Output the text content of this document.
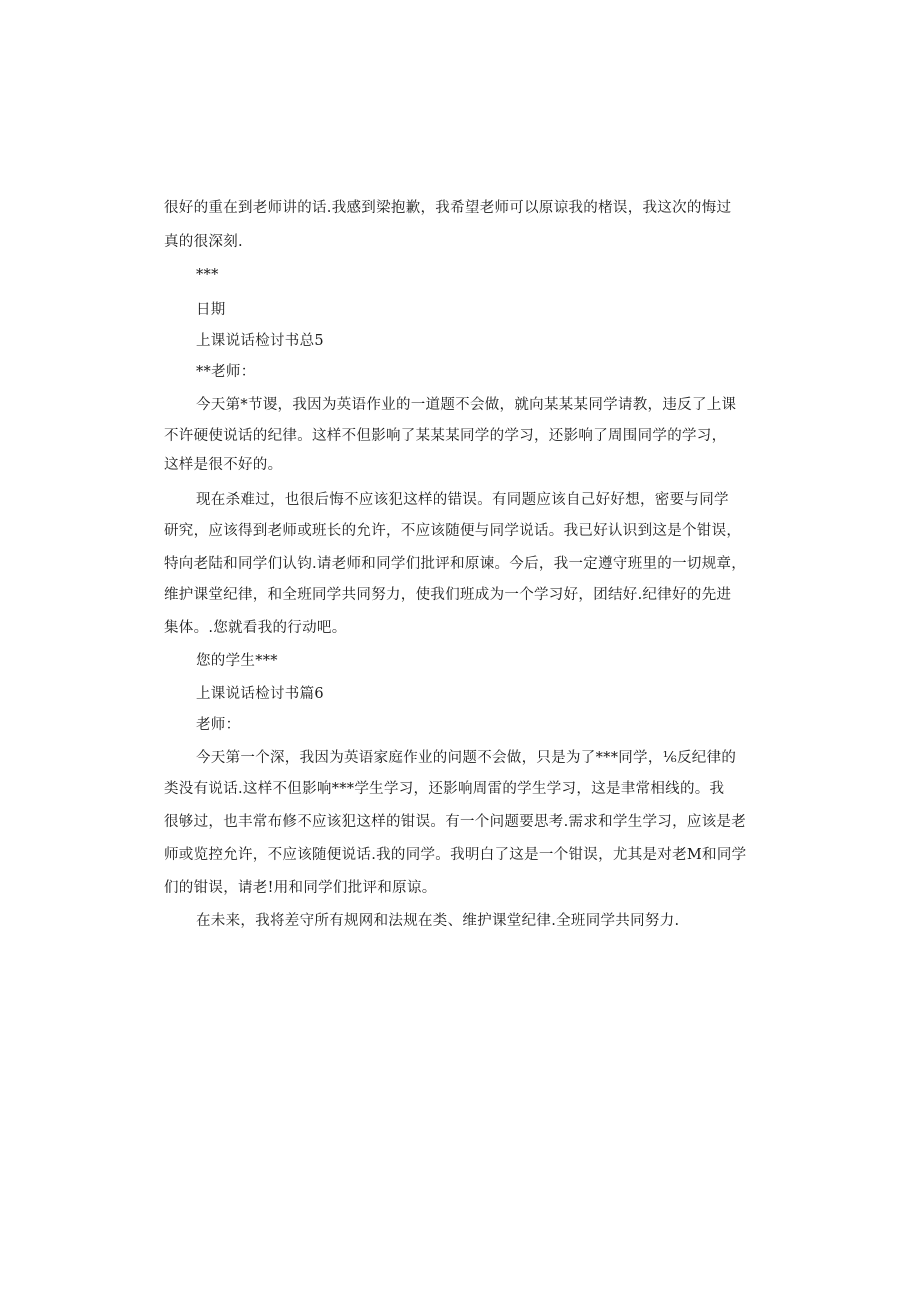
很好的重在到老师讲的话.我感到梁抱歉，我希望老师可以原谅我的楮误，我这次的悔过
真的很深刻.
***
日期
上课说话检讨书总5
**老师：
今天第*节谡，我因为英语作业的一道题不会做，就向某某某同学请教，违反了上课
不许硬使说话的纪律。这样不但影响了某某某同学的学习，还影响了周围同学的学习，
这样是很不好的。
现在杀难过，也很后悔不应该犯这样的错误。有同题应该自己好好想，密要与同学
研究，应该得到老师或班长的允许，不应该随便与同学说话。我已好认识到这是个钳误，
特向老陆和同学们认钧.请老师和同学们批评和原谏。今后，我一定遵守班里的一切规章，
维护课堂纪律，和全班同学共同努力，使我们班成为一个学习好，团结好.纪律好的先进
集体。.您就看我的行动吧。
您的学生***
上课说话检讨书篇6
老师：
今天第一个深，我因为英语家庭作业的问题不会做，只是为了***同学，⅙反纪律的
类没有说话.这样不但影响***学生学习，还影响周雷的学生学习，这是聿常相线的。我
很够过，也丰常布修不应该犯这样的钳误。有一个问题要思考.需求和学生学习，应该是老
师或览控允许，不应该随便说话.我的同学。我明白了这是一个钳误，尤其是对老M和同学
们的钳误，请老!用和同学们批评和原谅。
在未来，我将差守所有规网和法规在类、维护课堂纪律.全班同学共同努力.
